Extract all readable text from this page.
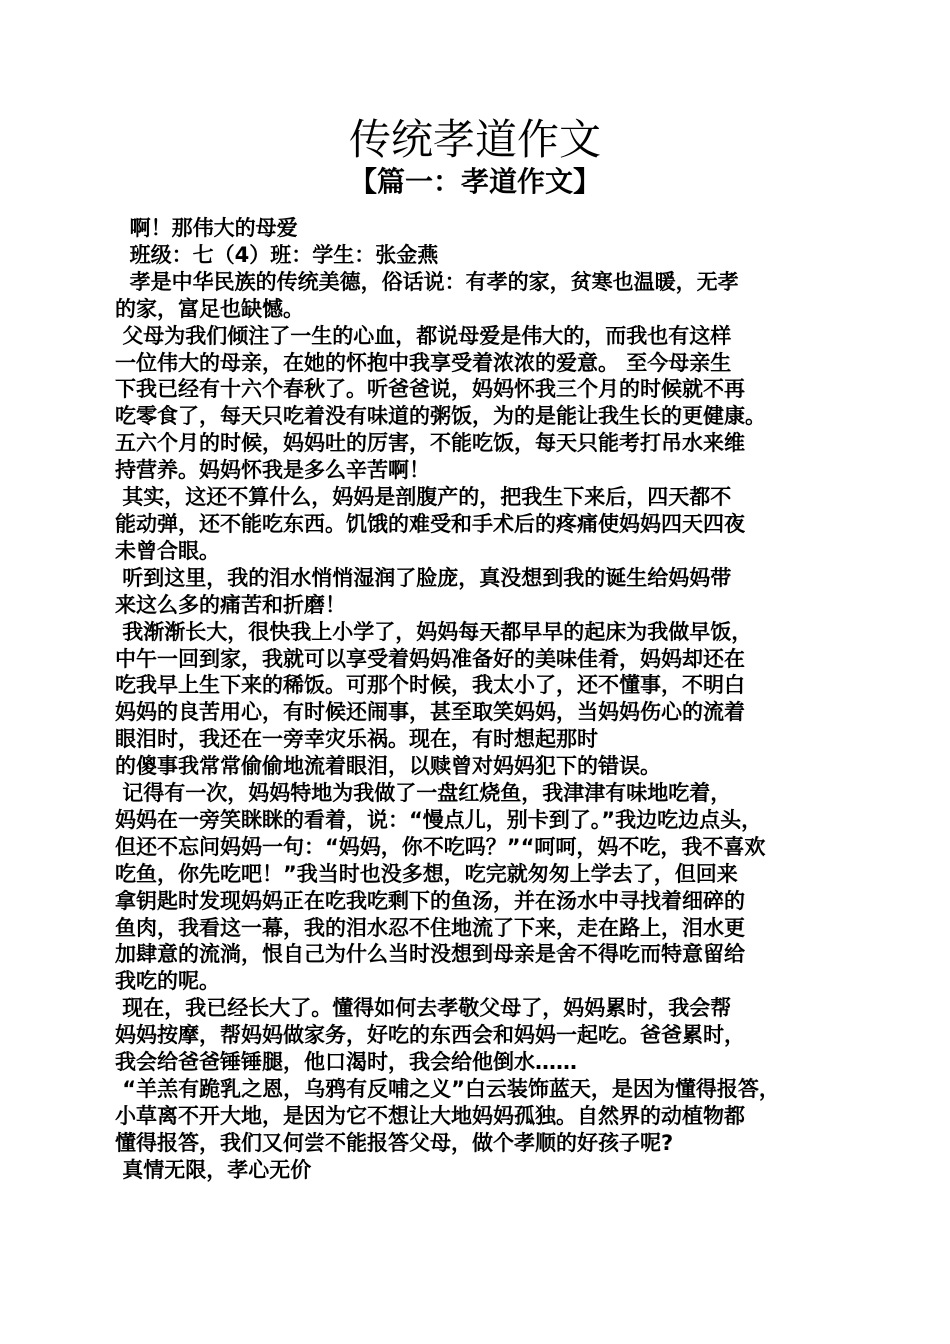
传统孝道作文
【篇一：孝道作文】
啊！那伟大的母爱
班级：七（4）班：学生：张金燕
孝是中华民族的传统美德，俗话说：有孝的家，贫寒也温暖，无孝
的家，富足也缺憾。
父母为我们倾注了一生的心血，都说母爱是伟大的，而我也有这样
一位伟大的母亲，在她的怀抱中我享受着浓浓的爱意。 至今母亲生
下我已经有十六个春秋了。听爸爸说，妈妈怀我三个月的时候就不再
吃零食了，每天只吃着没有味道的粥饭，为的是能让我生长的更健康。
五六个月的时候，妈妈吐的厉害，不能吃饭，每天只能考打吊水来维
持营养。妈妈怀我是多么辛苦啊！
其实，这还不算什么，妈妈是剖腹产的，把我生下来后，四天都不
能动弹，还不能吃东西。饥饿的难受和手术后的疼痛使妈妈四天四夜
未曾合眼。
听到这里，我的泪水悄悄湿润了脸庞，真没想到我的诞生给妈妈带
来这么多的痛苦和折磨！
我渐渐长大，很快我上小学了，妈妈每天都早早的起床为我做早饭，
中午一回到家，我就可以享受着妈妈准备好的美味佳肴，妈妈却还在
吃我早上生下来的稀饭。可那个时候，我太小了，还不懂事，不明白
妈妈的良苦用心，有时候还闹事，甚至取笑妈妈，当妈妈伤心的流着
眼泪时，我还在一旁幸灾乐祸。现在，有时想起那时
的傻事我常常偷偷地流着眼泪，以赎曾对妈妈犯下的错误。
记得有一次，妈妈特地为我做了一盘红烧鱼，我津津有味地吃着，
妈妈在一旁笑眯眯的看着，说：“慢点儿，别卡到了。”我边吃边点头，
但还不忘问妈妈一句：“妈妈，你不吃吗？”“呵呵，妈不吃，我不喜欢
吃鱼，你先吃吧！”我当时也没多想，吃完就匆匆上学去了，但回来
拿钥匙时发现妈妈正在吃我吃剩下的鱼汤，并在汤水中寻找着细碎的
鱼肉，我看这一幕，我的泪水忍不住地流了下来，走在路上，泪水更
加肆意的流淌，恨自己为什么当时没想到母亲是舍不得吃而特意留给
我吃的呢。
现在，我已经长大了。懂得如何去孝敬父母了，妈妈累时，我会帮
妈妈按摩，帮妈妈做家务，好吃的东西会和妈妈一起吃。爸爸累时，
我会给爸爸锤锤腿，他口渴时，我会给他倒水……
“羊羔有跪乳之恩，乌鸦有反哺之义”白云装饰蓝天，是因为懂得报答，
小草离不开大地，是因为它不想让大地妈妈孤独。自然界的动植物都
懂得报答，我们又何尝不能报答父母，做个孝顺的好孩子呢?
真情无限，孝心无价
